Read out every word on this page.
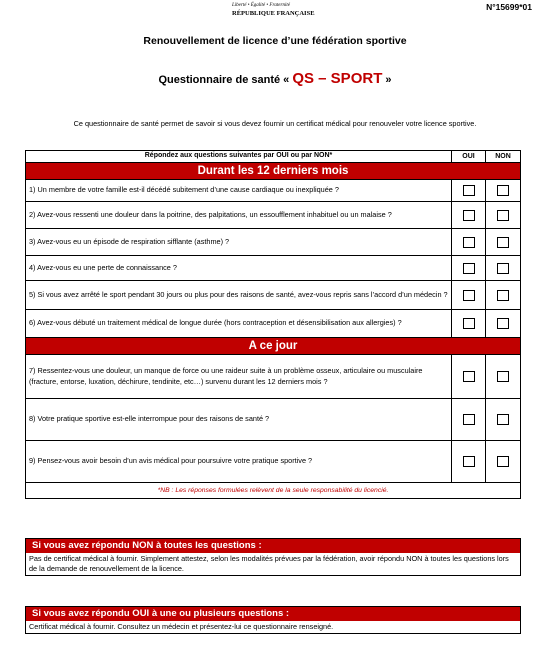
Liberté • Égalité • Fraternité
RÉPUBLIQUE FRANÇAISE
N°15699*01
Renouvellement de licence d’une fédération sportive
Questionnaire de santé « QS – SPORT »
Ce questionnaire de santé permet de savoir si vous devez fournir un certificat médical pour renouveler votre licence sportive.
Répondez aux questions suivantes par OUI ou par NON*	OUI	NON
Durant les 12 derniers mois
1) Un membre de votre famille est-il décédé subitement d’une cause cardiaque ou inexpliquée ?
2) Avez-vous ressenti une douleur dans la poitrine, des palpitations, un essoufflement inhabituel ou un malaise ?
3) Avez-vous eu un épisode de respiration sifflante (asthme) ?
4) Avez-vous eu une perte de connaissance ?
5) Si vous avez arrêté le sport pendant 30 jours ou plus pour des raisons de santé, avez-vous repris sans l’accord d’un médecin ?
6) Avez-vous débuté un traitement médical de longue durée (hors contraception et désensibilisation aux allergies) ?
A ce jour
7) Ressentez-vous une douleur, un manque de force ou une raideur suite à un problème osseux, articulaire ou musculaire (fracture, entorse, luxation, déchirure, tendinite, etc…) survenu durant les 12 derniers mois ?
8) Votre pratique sportive est-elle interrompue pour des raisons de santé ?
9) Pensez-vous avoir besoin d’un avis médical pour poursuivre votre pratique sportive ?
*NB : Les réponses formulées relèvent de la seule responsabilité du licencié.
Si vous avez répondu NON à toutes les questions :
Pas de certificat médical à fournir. Simplement attestez, selon les modalités prévues par la fédération, avoir répondu NON à toutes les questions lors de la demande de renouvellement de la licence.
Si vous avez répondu OUI à une ou plusieurs questions :
Certificat médical à fournir. Consultez un médecin et présentez-lui ce questionnaire renseigné.
